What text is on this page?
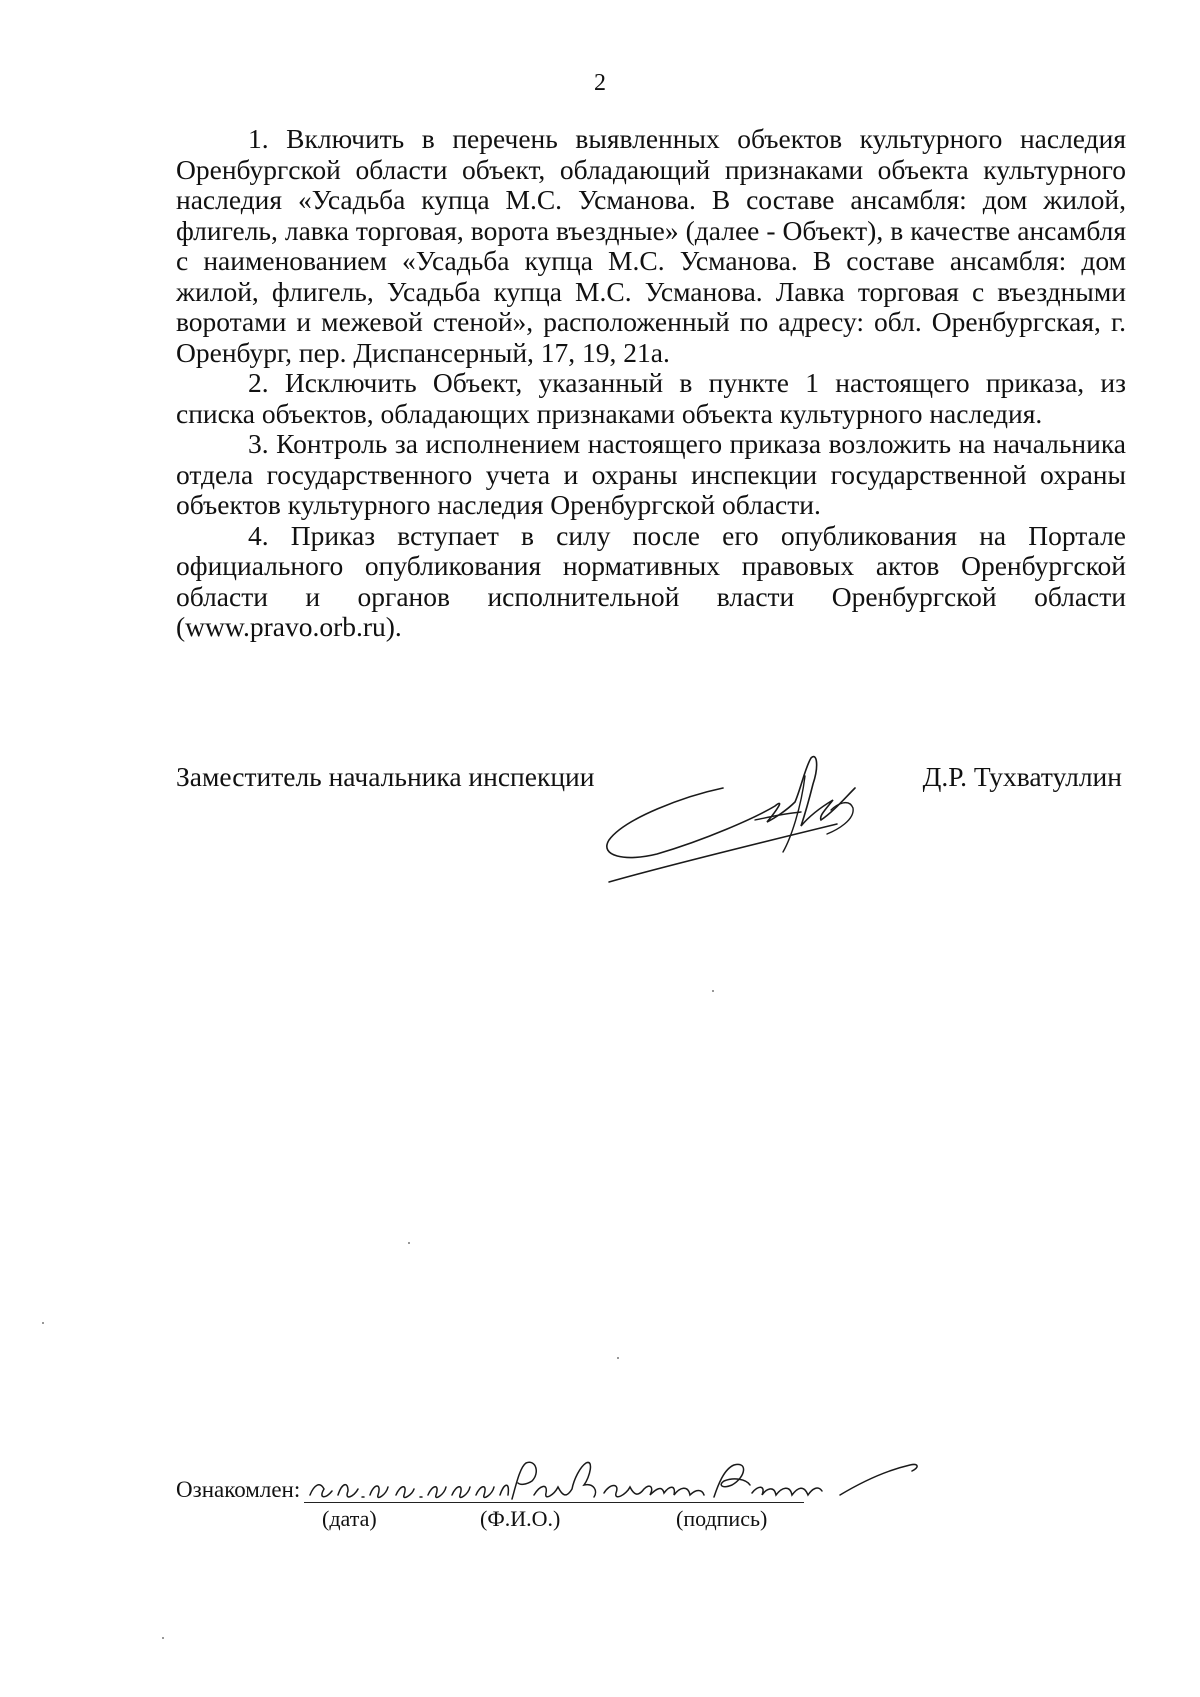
2

1. Включить в перечень выявленных объектов культурного наследия Оренбургской области объект, обладающий признаками объекта культурного наследия «Усадьба купца М.С. Усманова. В составе ансамбля: дом жилой, флигель, лавка торговая, ворота въездные» (далее - Объект), в качестве ансамбля с наименованием «Усадьба купца М.С. Усманова. В составе ансамбля: дом жилой, флигель, Усадьба купца М.С. Усманова. Лавка торговая с въездными воротами и межевой стеной», расположенный по адресу: обл. Оренбургская, г. Оренбург, пер. Диспансерный, 17, 19, 21а.

2. Исключить Объект, указанный в пункте 1 настоящего приказа, из списка объектов, обладающих признаками объекта культурного наследия.

3. Контроль за исполнением настоящего приказа возложить на начальника отдела государственного учета и охраны инспекции государственной охраны объектов культурного наследия Оренбургской области.

4. Приказ вступает в силу после его опубликования на Портале официального опубликования нормативных правовых актов Оренбургской области и органов исполнительной власти Оренбургской области (www.pravo.orb.ru).

Заместитель начальника инспекции	Д.Р. Тухватуллин
Ознакомлен:
(дата)	(Ф.И.О.)	(подпись)
